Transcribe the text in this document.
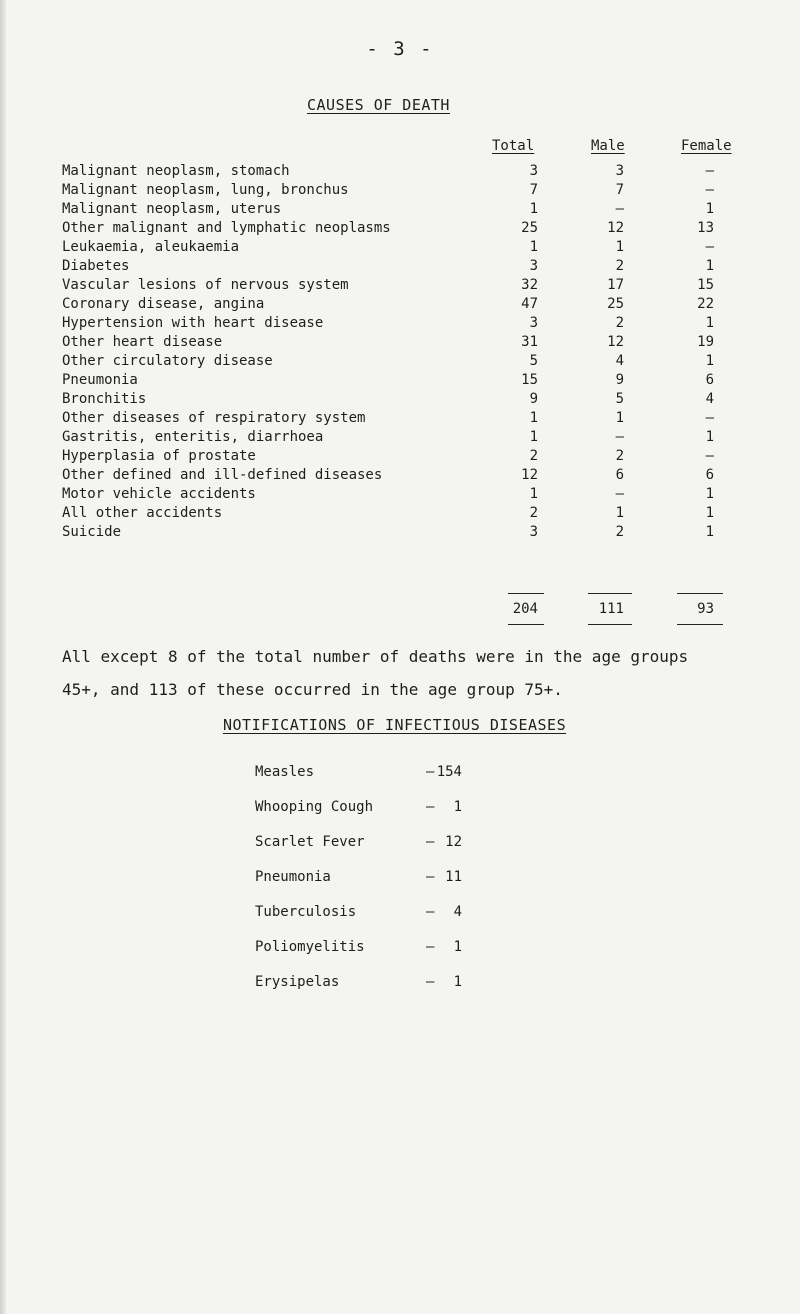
- 3 -
CAUSES OF DEATH
Total	Male	Female
Malignant neoplasm, stomach	3	3	—
Malignant neoplasm, lung, bronchus	7	7	—
Malignant neoplasm, uterus	1	—	1
Other malignant and lymphatic neoplasms	25	12	13
Leukaemia, aleukaemia	1	1	—
Diabetes	3	2	1
Vascular lesions of nervous system	32	17	15
Coronary disease, angina	47	25	22
Hypertension with heart disease	3	2	1
Other heart disease	31	12	19
Other circulatory disease	5	4	1
Pneumonia	15	9	6
Bronchitis	9	5	4
Other diseases of respiratory system	1	1	—
Gastritis, enteritis, diarrhoea	1	—	1
Hyperplasia of prostate	2	2	—
Other defined and ill-defined diseases	12	6	6
Motor vehicle accidents	1	—	1
All other accidents	2	1	1
Suicide	3	2	1
204	111	93
All except 8 of the total number of deaths were in the age groups
45+, and 113 of these occurred in the age group 75+.
NOTIFICATIONS OF INFECTIOUS DISEASES
Measles	— 154
Whooping Cough	— 1
Scarlet Fever	— 12
Pneumonia	— 11
Tuberculosis	— 4
Poliomyelitis	— 1
Erysipelas	— 1
